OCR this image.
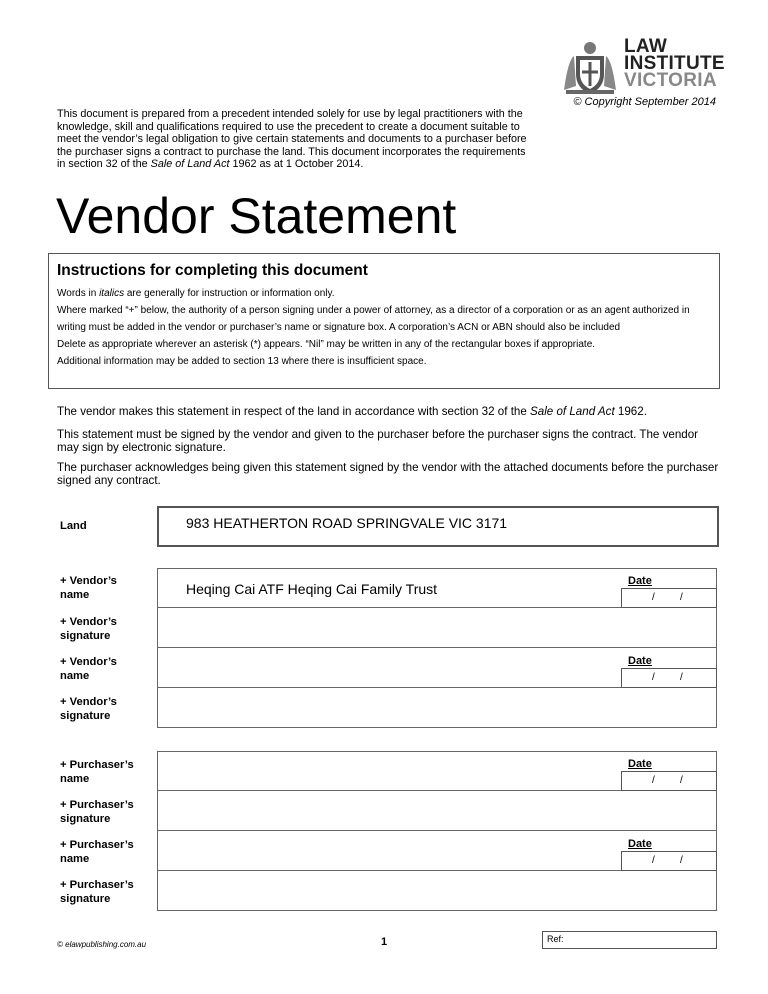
LAW
INSTITUTE
VICTORIA
© Copyright September 2014
This document is prepared from a precedent intended solely for use by legal practitioners with the knowledge, skill and qualifications required to use the precedent to create a document suitable to meet the vendor’s legal obligation to give certain statements and documents to a purchaser before the purchaser signs a contract to purchase the land. This document incorporates the requirements in section 32 of the Sale of Land Act 1962 as at 1 October 2014.
Vendor Statement
Instructions for completing this document

Words in italics are generally for instruction or information only.

Where marked “+” below, the authority of a person signing under a power of attorney, as a director of a corporation or as an agent authorized in writing must be added in the vendor or purchaser’s name or signature box. A corporation’s ACN or ABN should also be included

Delete as appropriate wherever an asterisk (*) appears. “Nil” may be written in any of the rectangular boxes if appropriate.

Additional information may be added to section 13 where there is insufficient space.

The vendor makes this statement in respect of the land in accordance with section 32 of the Sale of Land Act 1962.
This statement must be signed by the vendor and given to the purchaser before the purchaser signs the contract. The vendor may sign by electronic signature.
The purchaser acknowledges being given this statement signed by the vendor with the attached documents before the purchaser signed any contract.
Land	983 HEATHERTON ROAD SPRINGVALE VIC 3171
+ Vendor’s
name	Heqing Cai ATF Heqing Cai Family Trust	Date
/	/
+ Vendor’s
signature
+ Vendor’s
name
Date
/	/
+ Vendor’s
signature
+ Purchaser’s
name
Date
/	/
+ Purchaser’s
signature
+ Purchaser’s
name
Date
/	/
+ Purchaser’s
signature
© elawpublishing.com.au	1	Ref:
